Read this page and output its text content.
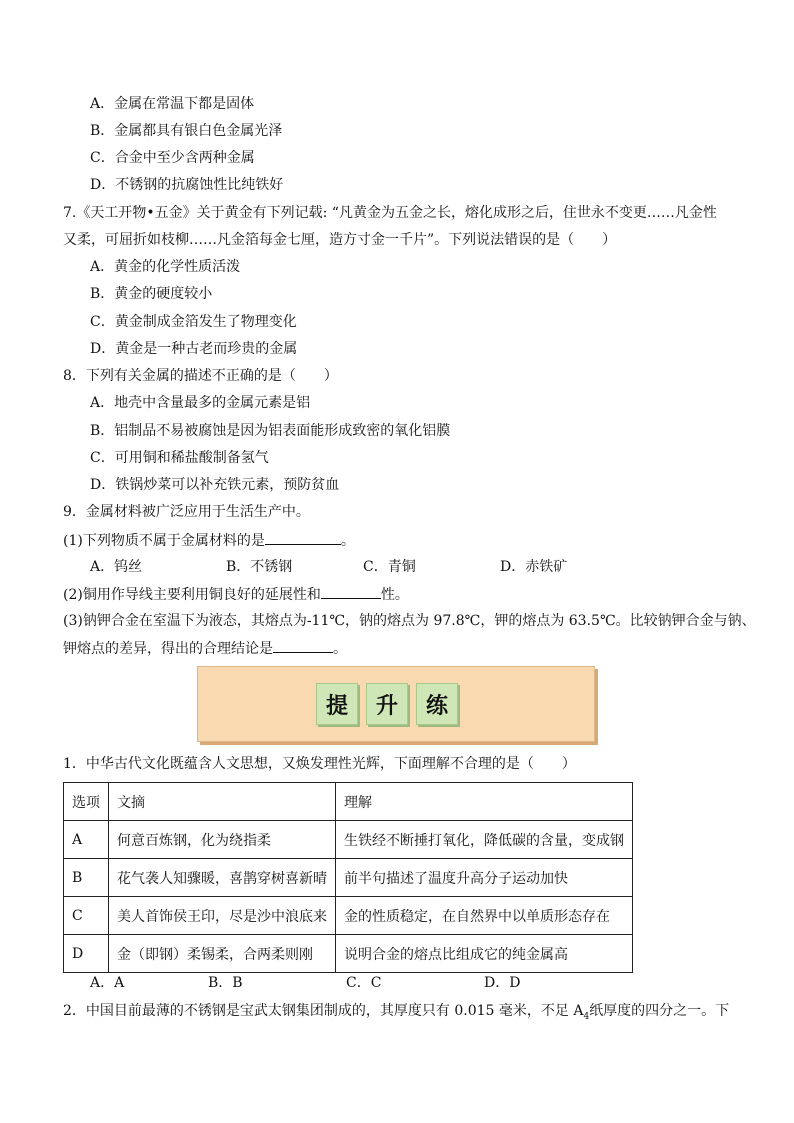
A．金属在常温下都是固体
B．金属都具有银白色金属光泽
C．合金中至少含两种金属
D．不锈钢的抗腐蚀性比纯铁好
7.《天工开物•五金》关于黄金有下列记载: “凡黄金为五金之长，熔化成形之后，住世永不变更……凡金性
又柔，可屈折如枝柳……凡金箔每金七厘，造方寸金一千片”。下列说法错误的是（　　）
A．黄金的化学性质活泼
B．黄金的硬度较小
C．黄金制成金箔发生了物理变化
D．黄金是一种古老而珍贵的金属
8．下列有关金属的描述不正确的是（　　）
A．地壳中含量最多的金属元素是铝
B．铝制品不易被腐蚀是因为铝表面能形成致密的氧化铝膜
C．可用铜和稀盐酸制备氢气
D．铁锅炒菜可以补充铁元素，预防贫血
9．金属材料被广泛应用于生活生产中。
(1)下列物质不属于金属材料的是	。
A．钨丝	B．不锈钢	C．青铜	D．赤铁矿
(2)铜用作导线主要利用铜良好的延展性和	性。
(3)钠钾合金在室温下为液态，其熔点为-11℃，钠的熔点为 97.8℃，钾的熔点为 63.5℃。比较钠钾合金与钠、
钾熔点的差异，得出的合理结论是	。
提	升	练
1．中华古代文化既蕴含人文思想，又焕发理性光辉，下面理解不合理的是（　　）
选项	文摘	理解
A	何意百炼钢，化为绕指柔	生铁经不断捶打氧化，降低碳的含量，变成钢
B	花气袭人知骤暖，喜鹊穿树喜新晴	前半句描述了温度升高分子运动加快
C	美人首饰侯王印，尽是沙中浪底来	金的性质稳定，在自然界中以单质形态存在
D	金（即钢）柔锡柔，合两柔则刚	说明合金的熔点比组成它的纯金属高
A．A	B．B	C．C	D．D
2．中国目前最薄的不锈钢是宝武太钢集团制成的，其厚度只有 0.015 毫米，不足 $A_4$纸厚度的四分之一。下
